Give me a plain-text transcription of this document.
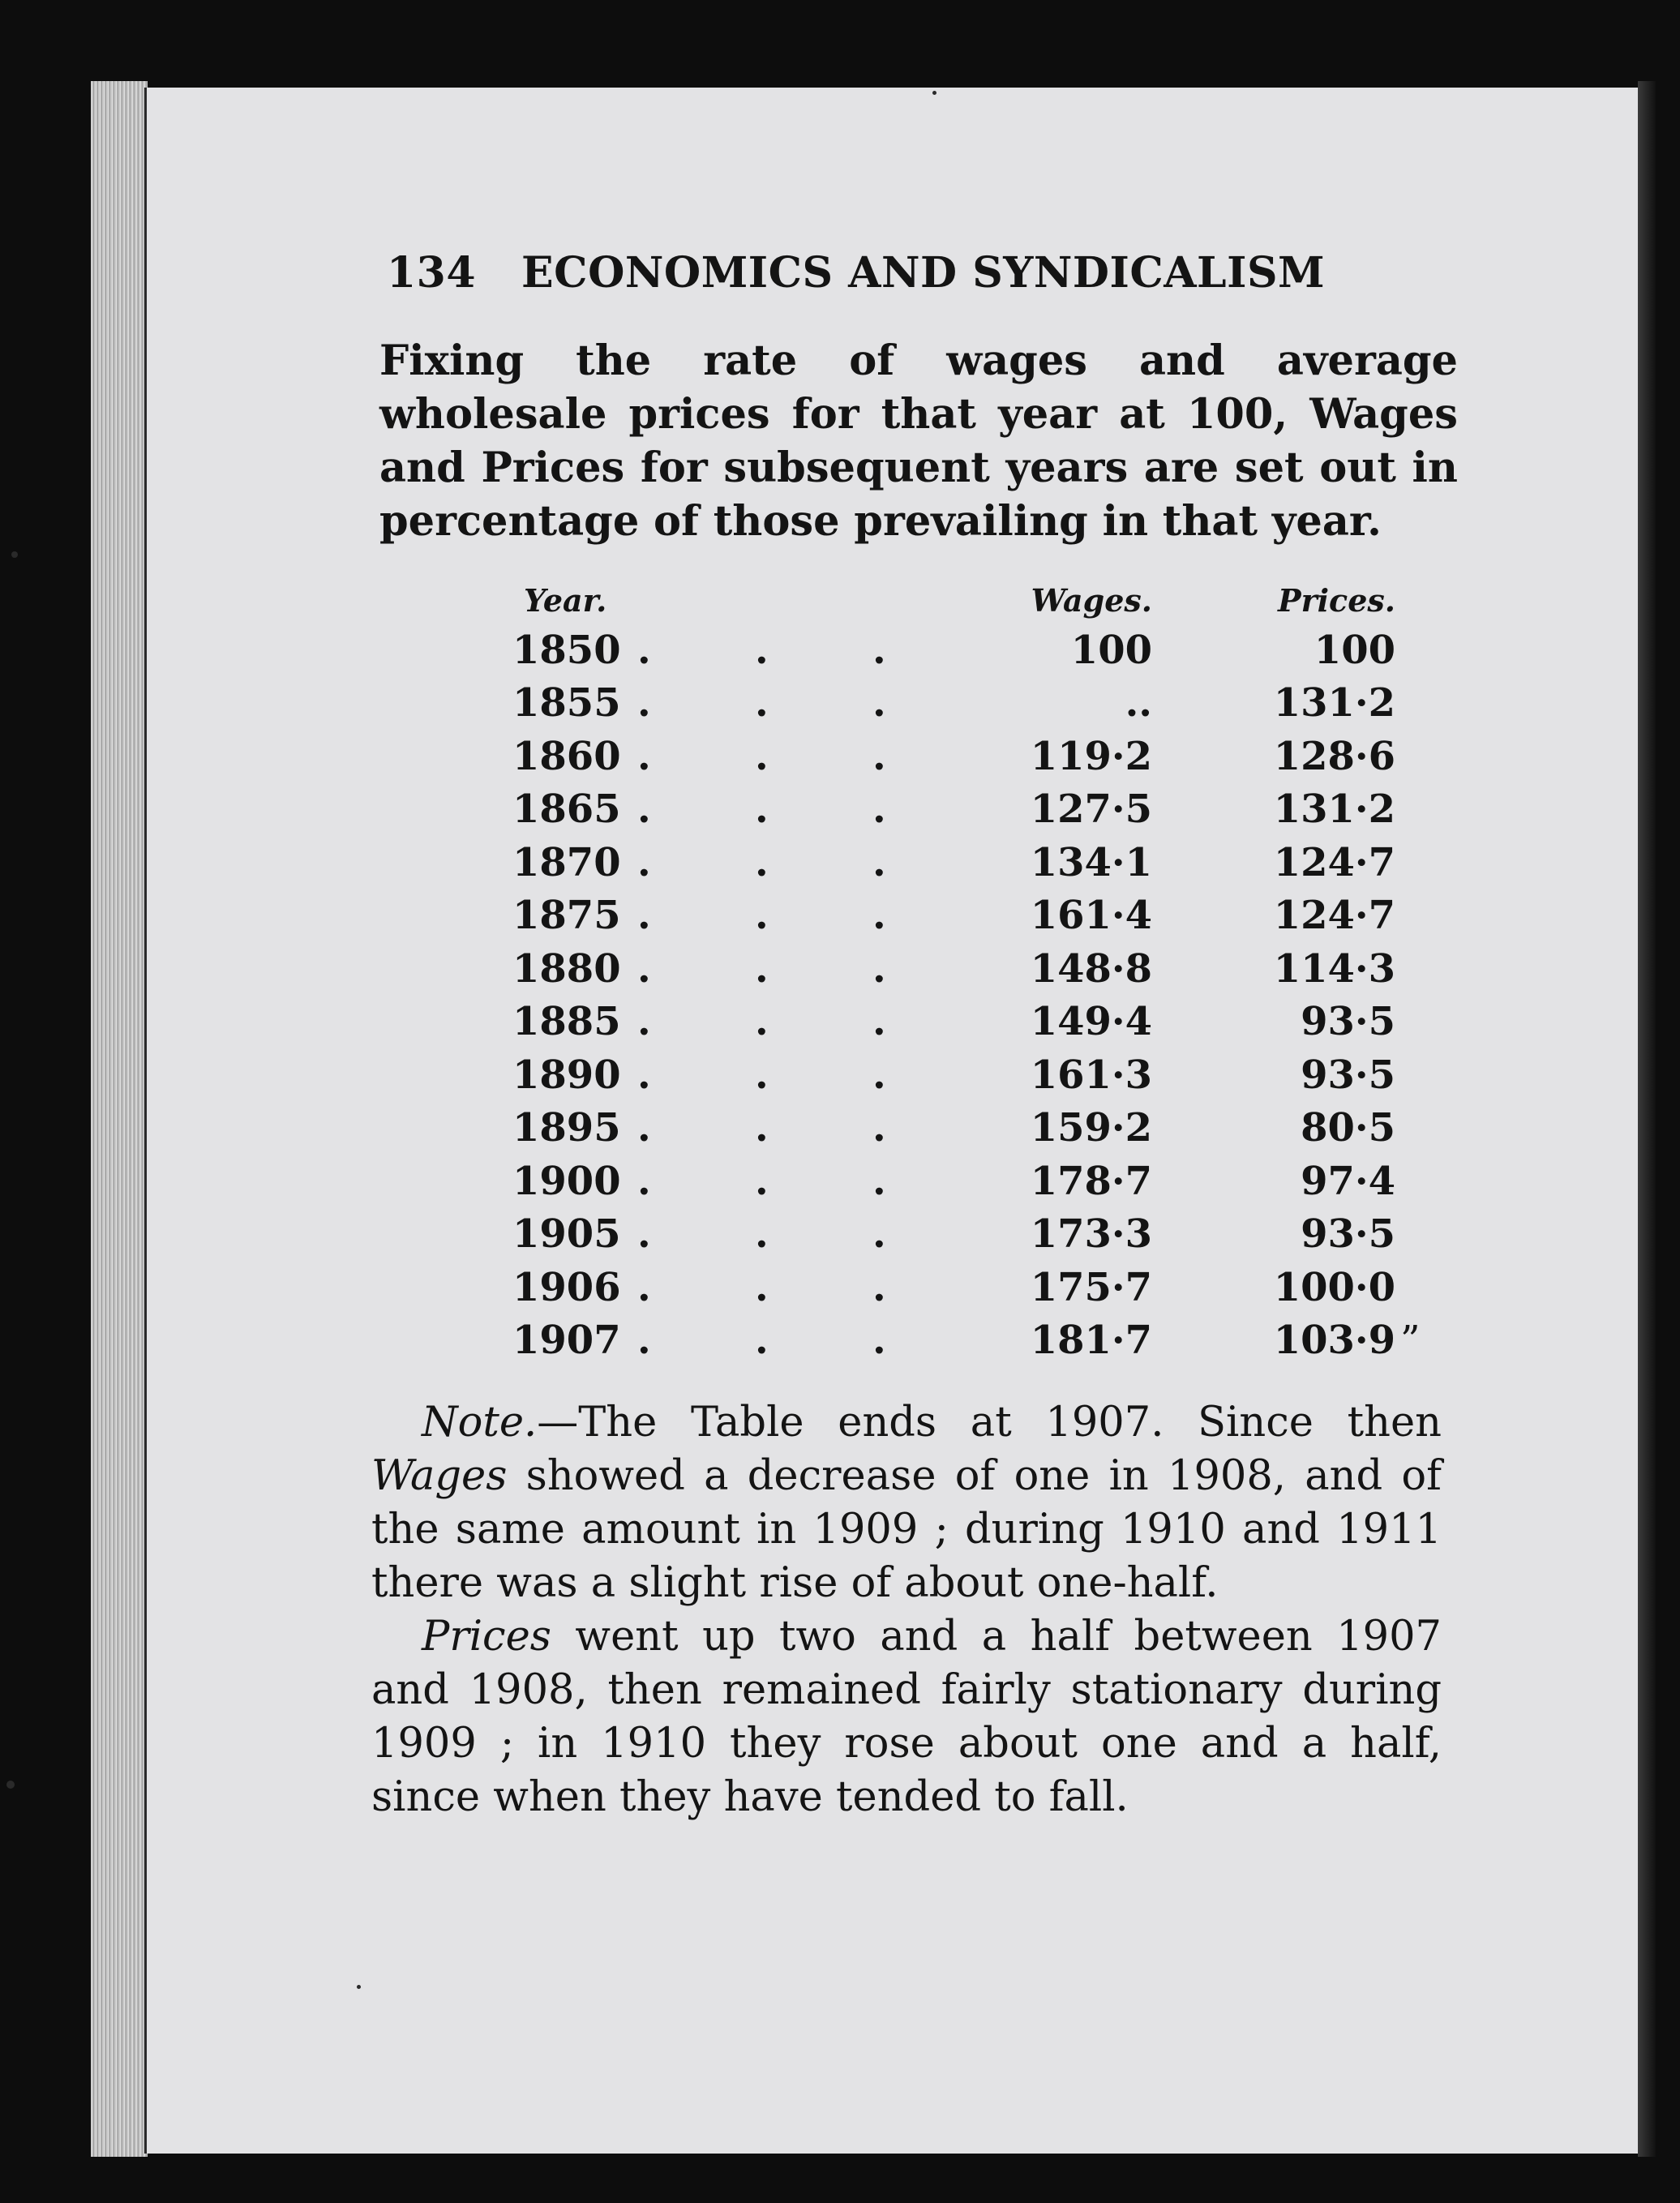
134 ECONOMICS AND SYNDICALISM
Fixing the rate of wages and average wholesale prices for that year at 100, Wages and Prices for subsequent years are set out in percentage of those prevailing in that year.
Year.		Wages.	Prices.
1850	. . .	100	100
1855	. . .	..	131·2
1860	. . .	119·2	128·6
1865	. . .	127·5	131·2
1870	. . .	134·1	124·7
1875	. . .	161·4	124·7
1880	. . .	148·8	114·3
1885	. . .	149·4	93·5
1890	. . .	161·3	93·5
1895	. . .	159·2	80·5
1900	. . .	178·7	97·4
1905	. . .	173·3	93·5
1906	. . .	175·7	100·0
1907	. . .	181·7	103·9 ”

Note.—The Table ends at 1907. Since then Wages showed a decrease of one in 1908, and of the same amount in 1909 ; during 1910 and 1911 there was a slight rise of about one-half.

Prices went up two and a half between 1907 and 1908, then remained fairly stationary during 1909 ; in 1910 they rose about one and a half, since when they have tended to fall.
